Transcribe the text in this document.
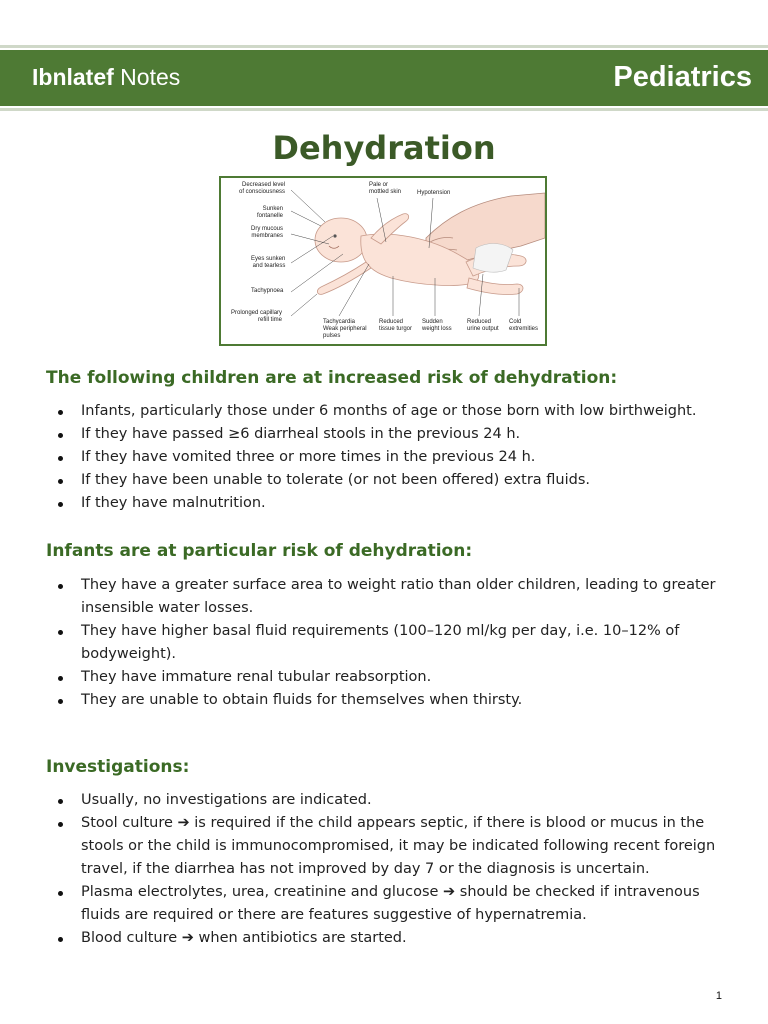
Ibnlatef Notes	Pediatrics
Dehydration
Decreased level
of consciousness
Sunken
fontanelle
Dry mucous
membranes
Eyes sunken
and tearless
Tachypnoea
Prolonged capillary
refill time
Pale or
mottled skin	Hypotension
Tachycardia
Weak peripheral
pulses
Reduced
tissue turgor
Sudden
weight loss
Reduced
urine output
Cold
extremities
The following children are at increased risk of dehydration:
Infants, particularly those under 6 months of age or those born with low birthweight.
If they have passed ≥6 diarrheal stools in the previous 24 h.
If they have vomited three or more times in the previous 24 h.
If they have been unable to tolerate (or not been offered) extra fluids.
If they have malnutrition.
Infants are at particular risk of dehydration:
They have a greater surface area to weight ratio than older children, leading to greater insensible water losses.
They have higher basal fluid requirements (100–120 ml/kg per day, i.e. 10–12% of bodyweight).
They have immature renal tubular reabsorption.
They are unable to obtain fluids for themselves when thirsty.
Investigations:
Usually, no investigations are indicated.
Stool culture ➔ is required if the child appears septic, if there is blood or mucus in the stools or the child is immunocompromised, it may be indicated following recent foreign travel, if the diarrhea has not improved by day 7 or the diagnosis is uncertain.
Plasma electrolytes, urea, creatinine and glucose ➔ should be checked if intravenous fluids are required or there are features suggestive of hypernatremia.
Blood culture ➔ when antibiotics are started.
1
